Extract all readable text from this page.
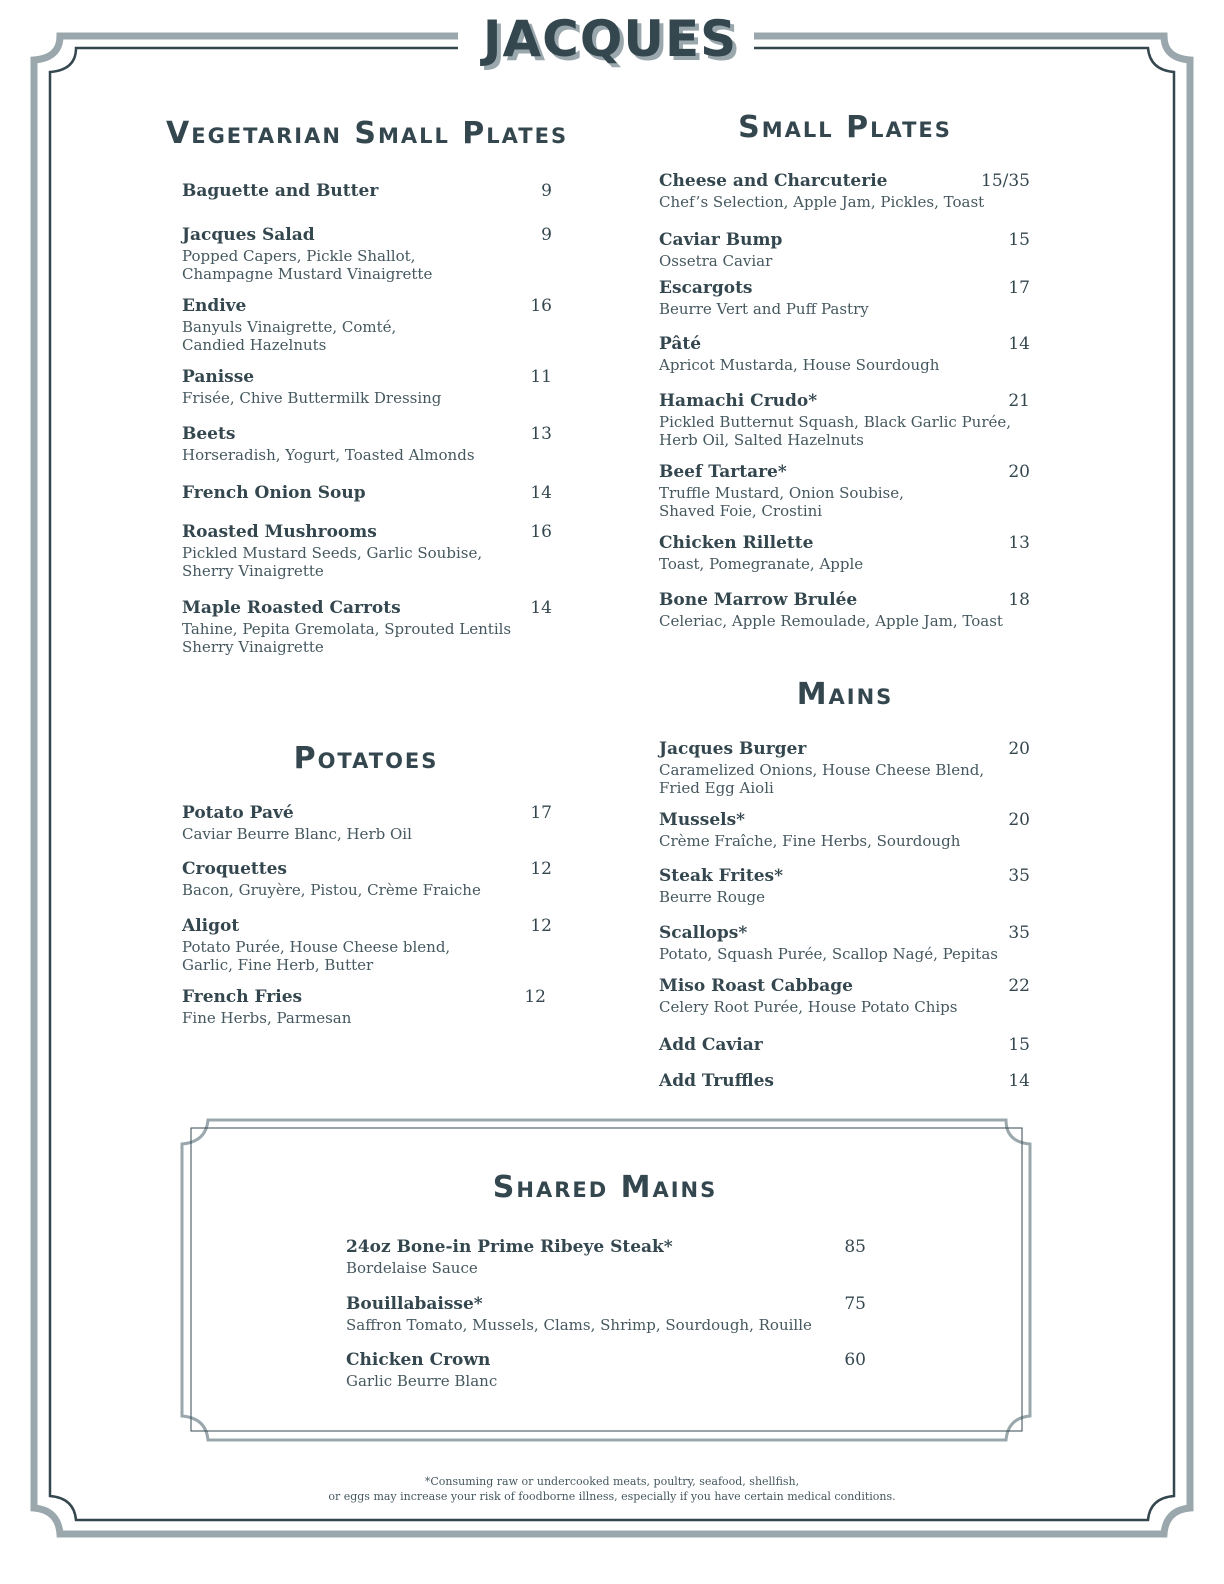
JACQUES
Vegetarian Small Plates
Baguette and Butter	9
Jacques Salad	9
Popped Capers, Pickle Shallot,
Champagne Mustard Vinaigrette
Endive	16
Banyuls Vinaigrette, Comté,
Candied Hazelnuts
Panisse	11
Frisée, Chive Buttermilk Dressing
Beets	13
Horseradish, Yogurt, Toasted Almonds
French Onion Soup	14
Roasted Mushrooms	16
Pickled Mustard Seeds, Garlic Soubise,
Sherry Vinaigrette
Maple Roasted Carrots	14
Tahine, Pepita Gremolata, Sprouted Lentils
Sherry Vinaigrette
Potatoes
Potato Pavé	17
Caviar Beurre Blanc, Herb Oil
Croquettes	12
Bacon, Gruyère, Pistou, Crème Fraiche
Aligot	12
Potato Purée, House Cheese blend,
Garlic, Fine Herb, Butter
French Fries	12
Fine Herbs, Parmesan
Small Plates
Cheese and Charcuterie	15/35
Chef’s Selection, Apple Jam, Pickles, Toast
Caviar Bump	15
Ossetra Caviar
Escargots	17
Beurre Vert and Puff Pastry
Pâté	14
Apricot Mustarda, House Sourdough
Hamachi Crudo*	21
Pickled Butternut Squash, Black Garlic Purée,
Herb Oil, Salted Hazelnuts
Beef Tartare*	20
Truffle Mustard, Onion Soubise,
Shaved Foie, Crostini
Chicken Rillette	13
Toast, Pomegranate, Apple
Bone Marrow Brulée	18
Celeriac, Apple Remoulade, Apple Jam, Toast
Mains
Jacques Burger	20
Caramelized Onions, House Cheese Blend,
Fried Egg Aioli
Mussels*	20
Crème Fraîche, Fine Herbs, Sourdough
Steak Frites*	35
Beurre Rouge
Scallops*	35
Potato, Squash Purée, Scallop Nagé, Pepitas
Miso Roast Cabbage	22
Celery Root Purée, House Potato Chips
Add Caviar	15
Add Truffles	14
Shared Mains
24oz Bone-in Prime Ribeye Steak*	85
Bordelaise Sauce
Bouillabaisse*	75
Saffron Tomato, Mussels, Clams, Shrimp, Sourdough, Rouille
Chicken Crown	60
Garlic Beurre Blanc
*Consuming raw or undercooked meats, poultry, seafood, shellfish,
or eggs may increase your risk of foodborne illness, especially if you have certain medical conditions.
